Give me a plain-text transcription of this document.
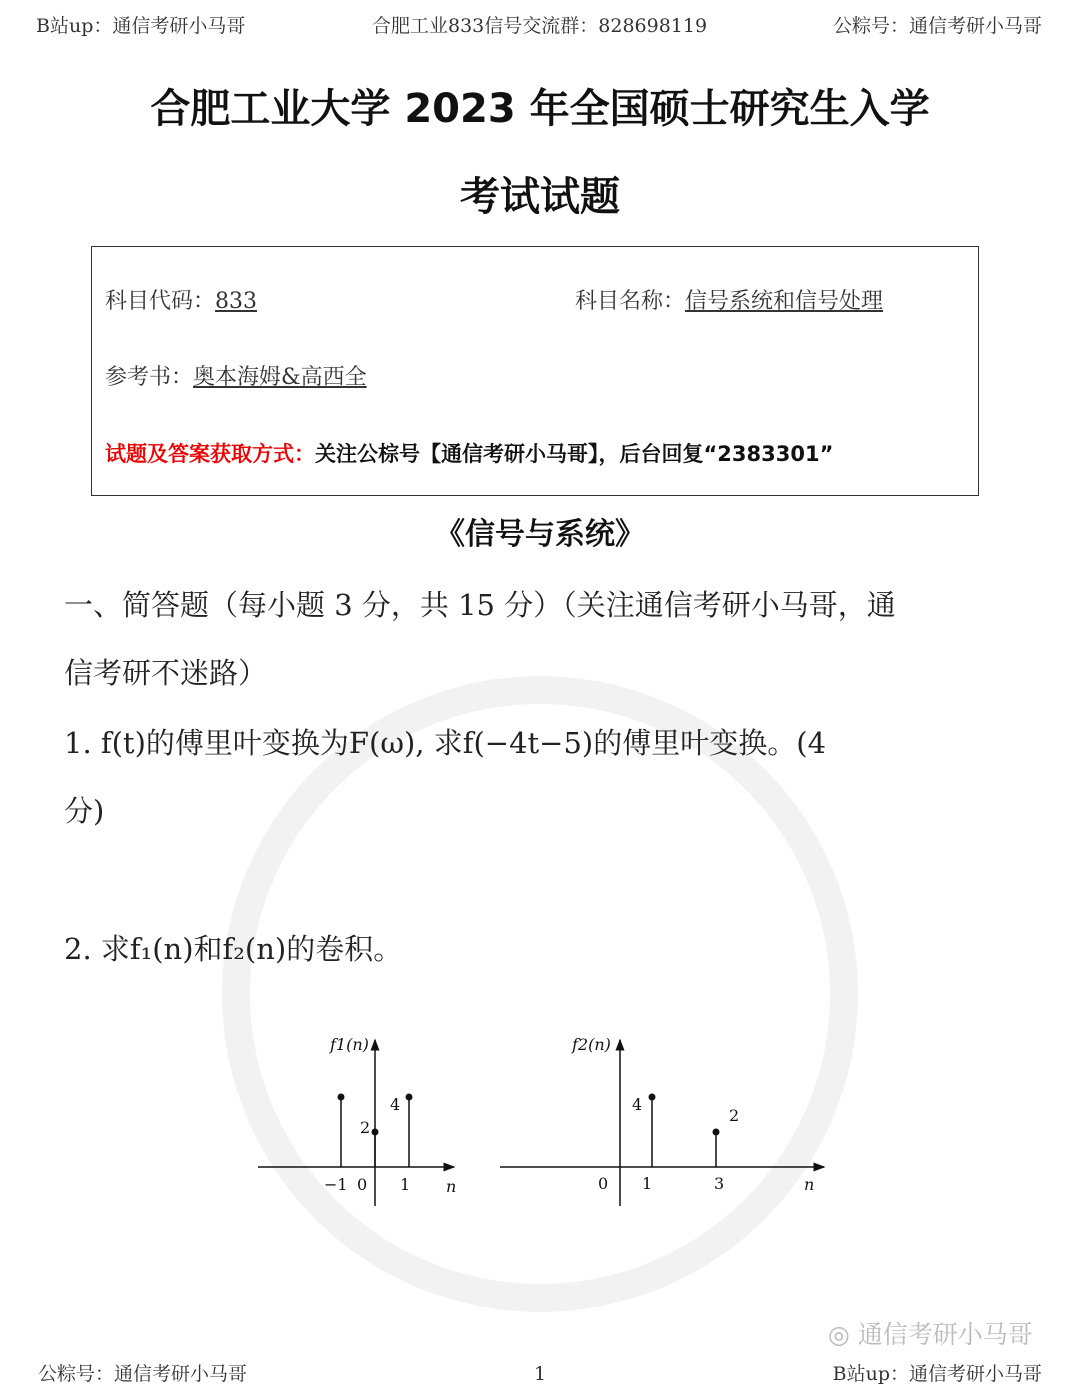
B站up：通信考研小马哥	合肥工业833信号交流群：828698119	公粽号：通信考研小马哥
合肥工业大学 2023 年全国硕士研究生入学
考试试题
科目代码：833	科目名称：信号系统和信号处理
参考书：奥本海姆&高西全
试题及答案获取方式：关注公棕号【通信考研小马哥】，后台回复“2383301”
《信号与系统》
一、简答题（每小题 3 分，共 15 分）（关注通信考研小马哥，通
信考研不迷路）
1. f(t)的傅里叶变换为F(ω), 求f(−4t−5)的傅里叶变换。(4
分)
2. 求f₁(n)和f₂(n)的卷积。
f1(n)
n
−1 0 1
2
4
f2(n)
n
0 1	3
4
2
◎ 通信考研小马哥
公粽号：通信考研小马哥	1	B站up：通信考研小马哥
